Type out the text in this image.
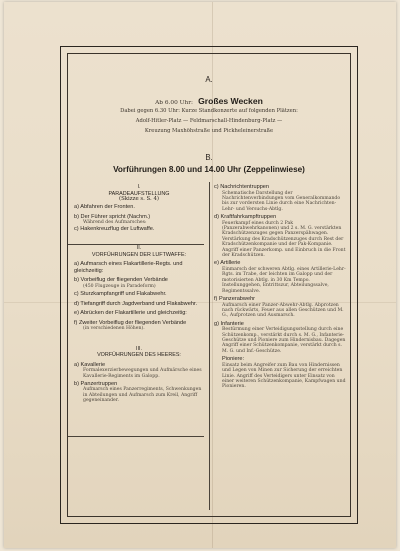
A.
Ab 6.00 Uhr: Großes Wecken
Dabei gegen 6.30 Uhr: Kurze Standkonzerte auf folgenden Plätzen:
Adolf-Hitler-Platz — Feldmarschall-Hindenburg-Platz —
Kreuzung Maxhöhstraße und Pickheleinerstraße
B.
Vorführungen 8.00 und 14.00 Uhr (Zeppelinwiese)
I.
PARADEAUFSTELLUNG
(Skizze s. S. 4)
a) Abfahren der Fronten.
b) Der Führer spricht (Nachm.)
Während des Aufmarsches:
c) Hakenkreuzflug der Luftwaffe.
II.
VORFÜHRUNGEN DER LUFTWAFFE:
a) Aufmarsch eines Flakartillerie-Regts. und gleichzeitig:
b) Vorbeiflug der fliegenden Verbände
(450 Flugzeuge in Paradeform)
c) Sturzkampfangriff und Flakabwehr.
d) Tiefangriff durch Jagdverband und Flakabwehr.
e) Abrücken der Flakartillerie und gleichzeitig:
f) Zweiter Vorbeiflug der fliegenden Verbände
(in verschiedenen Höhen).
III.
VORFÜHRUNGEN DES HEERES:
a) Kavallerie
Formalexerzierbewegungen und Aufmärsche eines Kavallerie-Regiments im Galopp.
b) Panzertruppen
Aufmarsch eines Panzerregiments, Schwenkungen in Abteilungen und Aufmarsch zum Kreil, Angriff gegeneinander.
c) Nachrichtentruppen
Schematische Darstellung der Nachrichtenverbindungen vom Generalkommando bis zur vordersten Linie durch eine Nachrichten-Lehr- und Versuchs-Abtlg.
d) Kraftfahrkampftruppen
Feuerkampf eines durch 2 Pak (Panzerabwehrkanonen) und 2 s. M. G. verstärkten Kradschützenzuges gegen Panzerspähwagen. Verstärkung des Kradschützenzuges durch Rest der Kradschützenkompanie und der Pak-Kompanie. Angriff einer Panzerkomp. und Einbruch in die Front der Kradschützen.
e) Artillerie
Einmarsch der schweren Abtlg. eines Artillerie-Lehr-Rgts. im Trabe, der leichten im Galopp und der motorisierten Abtlg. in 30 Km Tempo. Instellunggehen, Entrittszur, Abteilungssalve, Regimentssalve.
f) Panzerabwehr
Aufmarsch einer Panzer-Abwehr-Abtlg. Abprotzen nach rückwärts, Feuer aus allen Geschützen und M. G., Aufprotzen und Ausmarsch.
g) Infanterie
Bestürmung einer Verteidigungsstellung durch eine Schützenkomp., verstärkt durch s. M. G., Infanterie-Geschütze und Pioniere zum Hindernisbau. Dagegen Angriff einer Schützenkompanie, verstärkt durch s. M. G. und Inf.-Geschütze.
Pioniere:
Einsatz beim Angreifer zum Bau von Hindernissen und Legen von Minen zur Sicherung der erreichten Linie. Angriff des Verteidigers unter Einsatz von einer weiteren Schützenkompanie, Kampfwagen und Pionieren.
